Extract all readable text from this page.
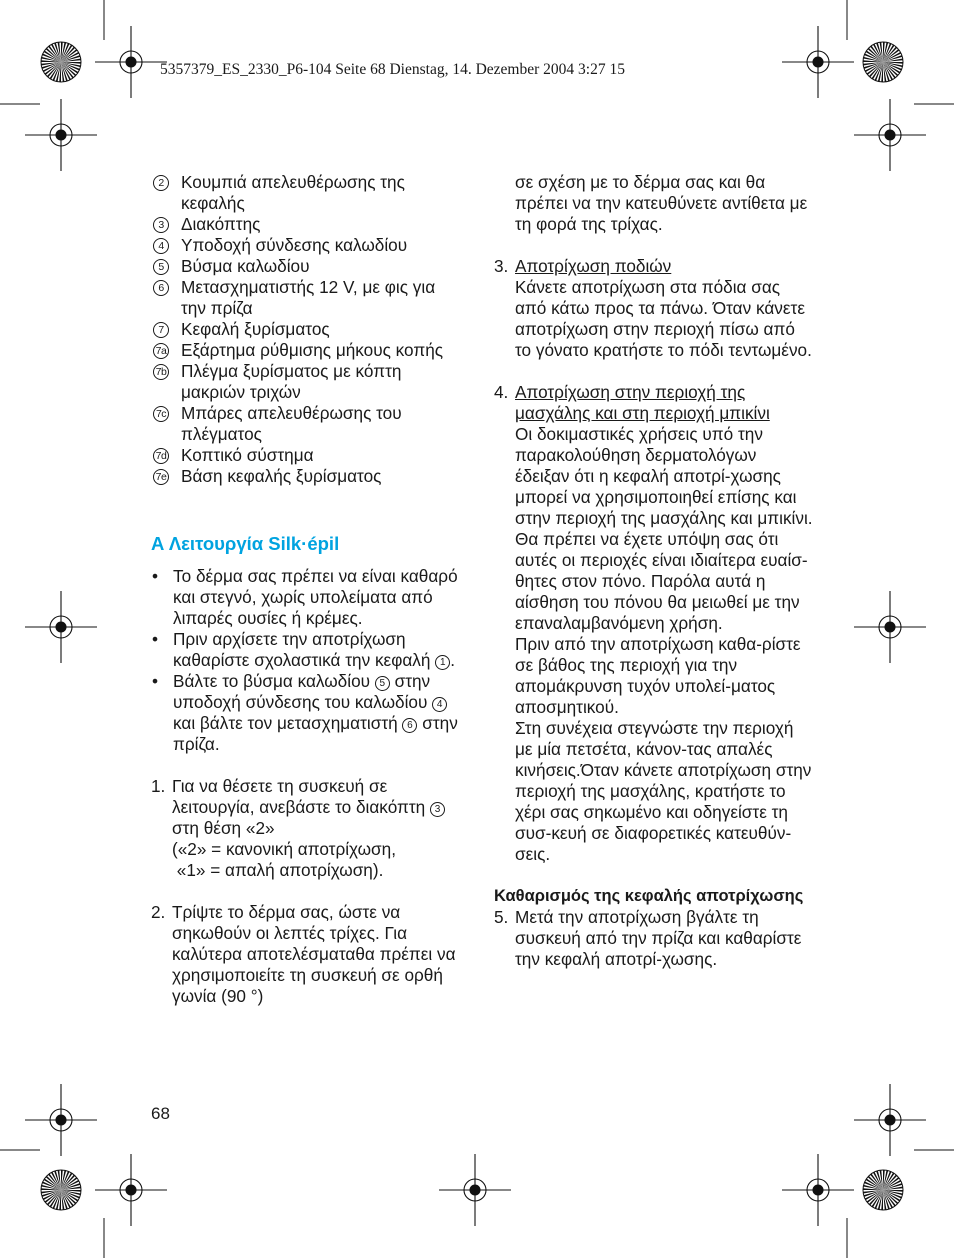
5357379_ES_2330_P6-104 Seite 68 Dienstag, 14. Dezember 2004 3:27 15
2	Κουμπιά απελευθέρωσης της κεφαλής
3	Διακόπτης
4	Υποδοχή σύνδεσης καλωδίου
5	Βύσμα καλωδίου
6	Μετασχηματιστής 12 V, με φις για την πρίζα
7	Κεφαλή ξυρίσματος
7a Εξάρτημα ρύθμισης μήκους κοπής
7b Πλέγμα ξυρίσματος με κόπτη μακριών τριχών
7c Μπάρες απελευθέρωσης του πλέγματος
7d Κοπτικό σύστημα
7e Βάση κεφαλής ξυρίσματος
A Λειτουργία Silk·épil
• Το δέρμα σας πρέπει να είναι καθαρό και στεγνό, χωρίς υπολείματα από λιπαρές ουσίες ή κρέμες.
• Πριν αρχίσετε την αποτρίχωση καθαρίστε σχολαστικά την κεφαλή 1 .
• Βάλτε το βύσμα καλωδίου 5 στην υποδοχή σύνδεσης του καλωδίου 4 και βάλτε τον μετασχηματιστή 6 στην πρίζα.
1. Για να θέσετε τη συσκευή σε λειτουργία, ανεβάστε το διακόπτη 3 στη θέση «2»
(«2» = κανονική αποτρίχωση,
«1» = απαλή αποτρίχωση).
2. Τρίψτε το δέρμα σας, ώστε να σηκωθούν οι λεπτές τρίχες. Για καλύτερα αποτελέσματαθα πρέπει να χρησιμοποιείτε τη συσκευή σε ορθή γωνία (90 °)
σε σχέση με το δέρμα σας και θα πρέπει να την κατευθύνετε αντίθετα με τη φορά της τρίχας.
3. Αποτρίχωση ποδιών
Κάνετε αποτρίχωση στα πόδια σας από κάτω προς τα πάνω. Όταν κάνετε αποτρίχωση στην περιοχή πίσω από το γόνατο κρατήστε το πόδι τεντωμένο.
4. Αποτρίχωση στην περιοχή της
μασχάλης και στη περιοχή μπικίνι
Οι δοκιμαστικές χρήσεις υπό την παρακολούθηση δερματολόγων έδειξαν ότι η κεφαλή αποτρί-χωσης μπορεί να χρησιμοποιηθεί επίσης και στην περιοχή της μασχάλης και μπικίνι. Θα πρέπει να έχετε υπόψη σας ότι αυτές οι περιοχές είναι ιδιαίτερα ευαίσ-θητες στον πόνο. Παρόλα αυτά η αίσθηση του πόνου θα μειωθεί με την επαναλαμβανόμενη χρήση.
Πριν από την αποτρίχωση καθα-ρίστε σε βάθος της περιοχή για την απομάκρυνση τυχόν υπολεί-ματος αποσμητικού.
Στη συνέχεια στεγνώστε την περιοχή με μία πετσέτα, κάνον-τας απαλές κινήσεις.Όταν κάνετε αποτρίχωση στην περιοχή της μασχάλης, κρατήστε το χέρι σας σηκωμένο και οδηγείστε τη συσ-κευή σε διαφορετικές κατευθύν-σεις.
Καθαρισμός της κεφαλής αποτρίχωσης
5. Μετά την αποτρίχωση βγάλτε τη συσκευή από την πρίζα και καθαρίστε την κεφαλή αποτρί-χωσης.
68
